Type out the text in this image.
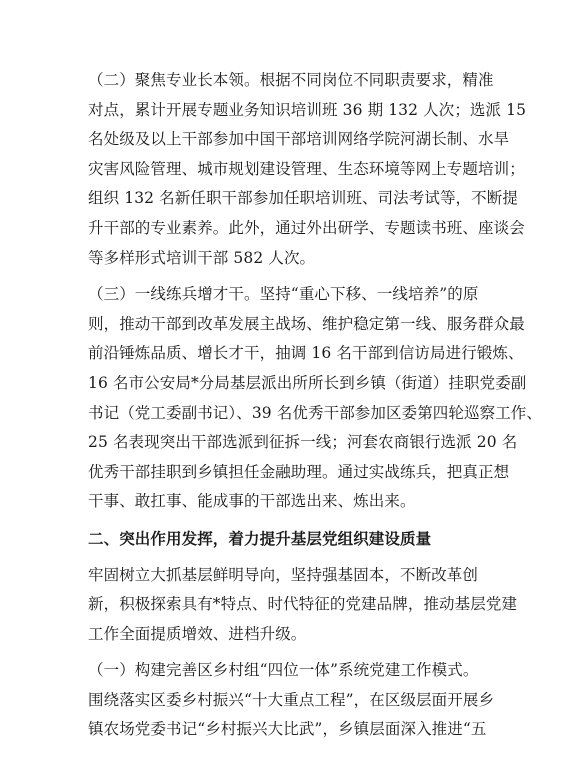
（二）聚焦专业长本领。根据不同岗位不同职责要求，精准

对点，累计开展专题业务知识培训班 36 期 132 人次；选派 15

名处级及以上干部参加中国干部培训网络学院河湖长制、水旱

灾害风险管理、城市规划建设管理、生态环境等网上专题培训；

组织 132 名新任职干部参加任职培训班、司法考试等，不断提

升干部的专业素养。此外，通过外出研学、专题读书班、座谈会

等多样形式培训干部 582 人次。

（三）一线练兵增才干。坚持“重心下移、一线培养”的原

则，推动干部到改革发展主战场、维护稳定第一线、服务群众最

前沿锤炼品质、增长才干，抽调 16 名干部到信访局进行锻炼、

16 名市公安局*分局基层派出所所长到乡镇（街道）挂职党委副

书记（党工委副书记）、39 名优秀干部参加区委第四轮巡察工作、

25 名表现突出干部选派到征拆一线；河套农商银行选派 20 名

优秀干部挂职到乡镇担任金融助理。通过实战练兵，把真正想

干事、敢扛事、能成事的干部选出来、炼出来。

二、突出作用发挥，着力提升基层党组织建设质量

牢固树立大抓基层鲜明导向，坚持强基固本，不断改革创

新，积极探索具有*特点、时代特征的党建品牌，推动基层党建

工作全面提质增效、进档升级。

（一）构建完善区乡村组“四位一体”系统党建工作模式。

围绕落实区委乡村振兴“十大重点工程”，在区级层面开展乡

镇农场党委书记“乡村振兴大比武”，乡镇层面深入推进“五
